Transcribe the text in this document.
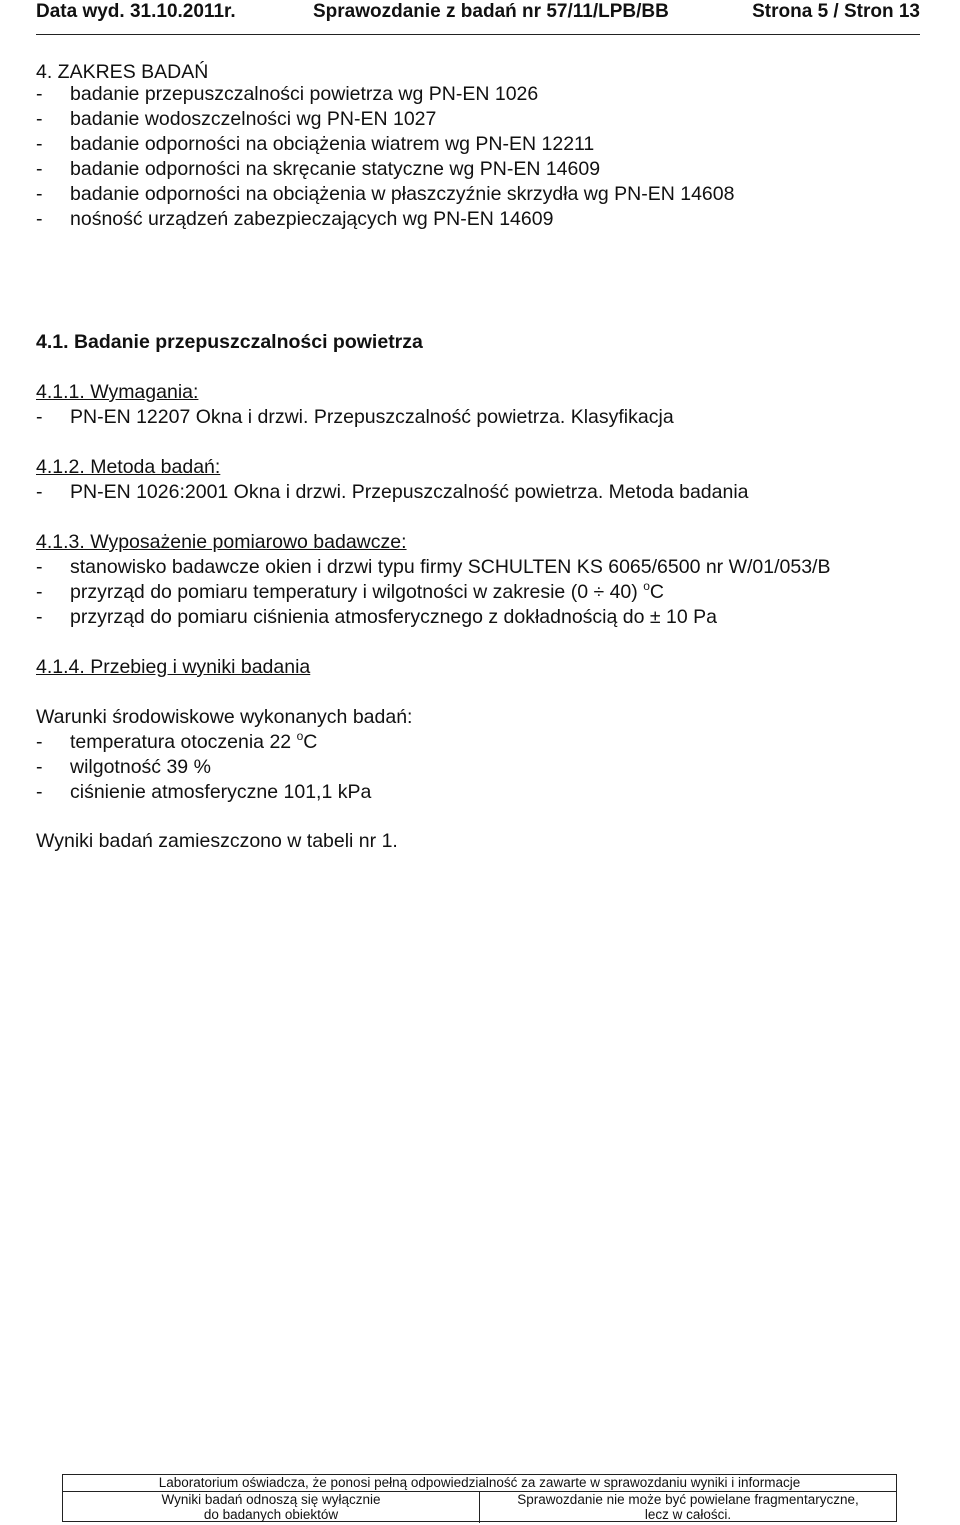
Data wyd. 31.10.2011r.	Sprawozdanie z badań nr 57/11/LPB/BB	Strona 5 / Stron 13
4. ZAKRES BADAŃ
- badanie przepuszczalności powietrza wg PN-EN 1026
- badanie wodoszczelności wg PN-EN 1027
- badanie odporności na obciążenia wiatrem wg PN-EN 12211
- badanie odporności na skręcanie statyczne wg PN-EN 14609
- badanie odporności na obciążenia w płaszczyźnie skrzydła wg PN-EN 14608
- nośność urządzeń zabezpieczających wg PN-EN 14609
4.1. Badanie przepuszczalności powietrza
4.1.1. Wymagania:
- PN-EN 12207 Okna i drzwi. Przepuszczalność powietrza. Klasyfikacja
4.1.2. Metoda badań:
- PN-EN 1026:2001 Okna i drzwi. Przepuszczalność powietrza. Metoda badania
4.1.3. Wyposażenie pomiarowo badawcze:
- stanowisko badawcze okien i drzwi typu firmy SCHULTEN KS 6065/6500 nr W/01/053/B
- przyrząd do pomiaru temperatury i wilgotności w zakresie (0 ÷ 40) $^o$C
- przyrząd do pomiaru ciśnienia atmosferycznego z dokładnością do ± 10 Pa
4.1.4. Przebieg i wyniki badania
Warunki środowiskowe wykonanych badań:
- temperatura otoczenia 22 $^o$C
- wilgotność 39 %
- ciśnienie atmosferyczne 101,1 kPa
Wyniki badań zamieszczono w tabeli nr 1.
Laboratorium oświadcza, że ponosi pełną odpowiedzialność za zawarte w sprawozdaniu wyniki i informacje
Wyniki badań odnoszą się wyłącznie
do badanych obiektów
Sprawozdanie nie może być powielane fragmentaryczne,
lecz w całości.
